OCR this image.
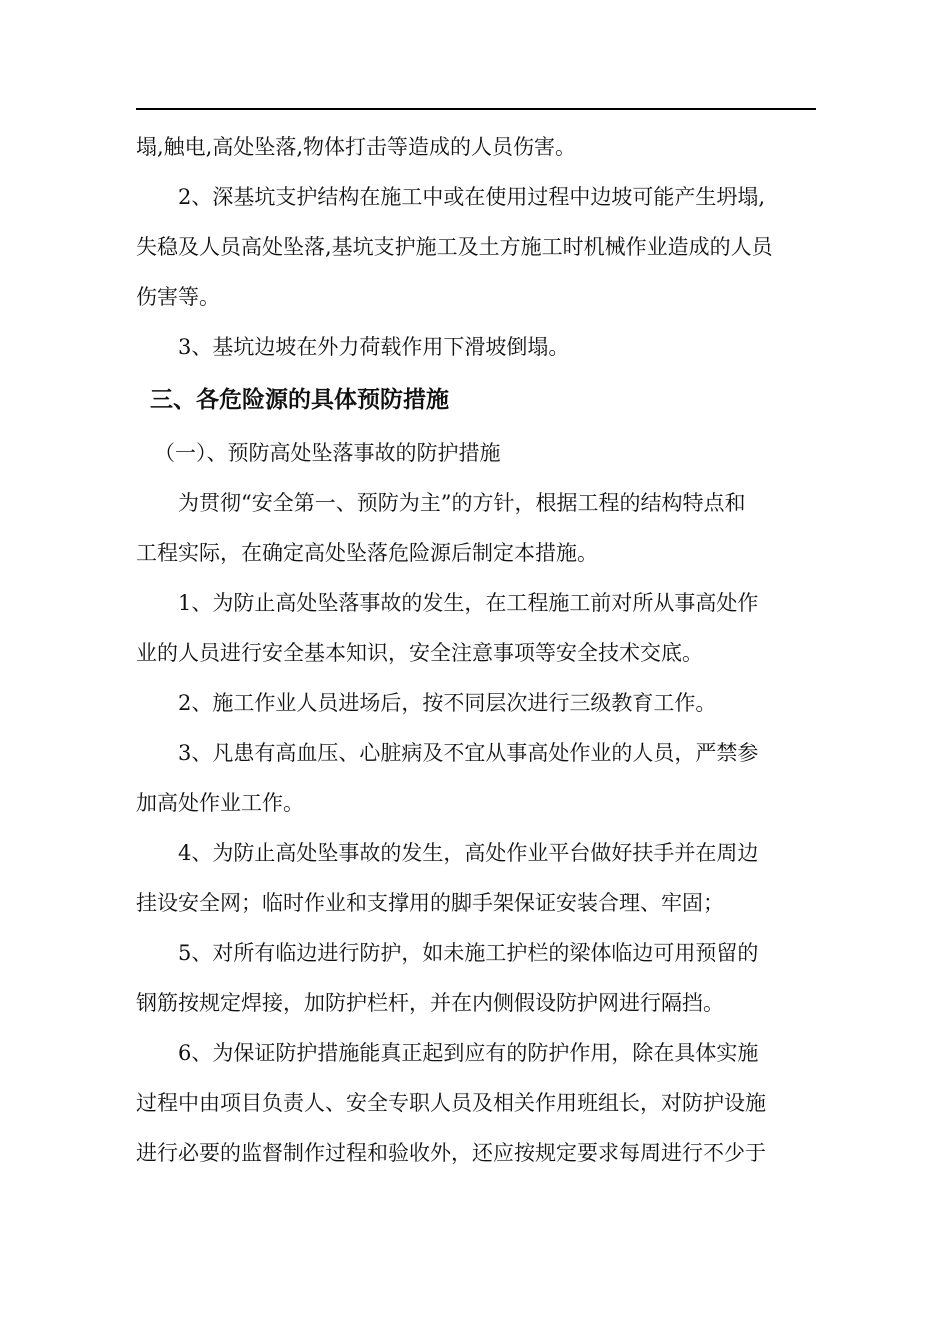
塌,触电,高处坠落,物体打击等造成的人员伤害。
2、深基坑支护结构在施工中或在使用过程中边坡可能产生坍塌,
失稳及人员高处坠落,基坑支护施工及土方施工时机械作业造成的人员
伤害等。
3、基坑边坡在外力荷载作用下滑坡倒塌。
三、各危险源的具体预防措施
（一）、预防高处坠落事故的防护措施
为贯彻“安全第一、预防为主”的方针，根据工程的结构特点和
工程实际，在确定高处坠落危险源后制定本措施。
1、为防止高处坠落事故的发生，在工程施工前对所从事高处作
业的人员进行安全基本知识，安全注意事项等安全技术交底。
2、施工作业人员进场后，按不同层次进行三级教育工作。
3、凡患有高血压、心脏病及不宜从事高处作业的人员，严禁参
加高处作业工作。
4、为防止高处坠事故的发生，高处作业平台做好扶手并在周边
挂设安全网；临时作业和支撑用的脚手架保证安装合理、牢固；
5、对所有临边进行防护，如未施工护栏的梁体临边可用预留的
钢筋按规定焊接，加防护栏杆，并在内侧假设防护网进行隔挡。
6、为保证防护措施能真正起到应有的防护作用，除在具体实施
过程中由项目负责人、安全专职人员及相关作用班组长，对防护设施
进行必要的监督制作过程和验收外，还应按规定要求每周进行不少于
